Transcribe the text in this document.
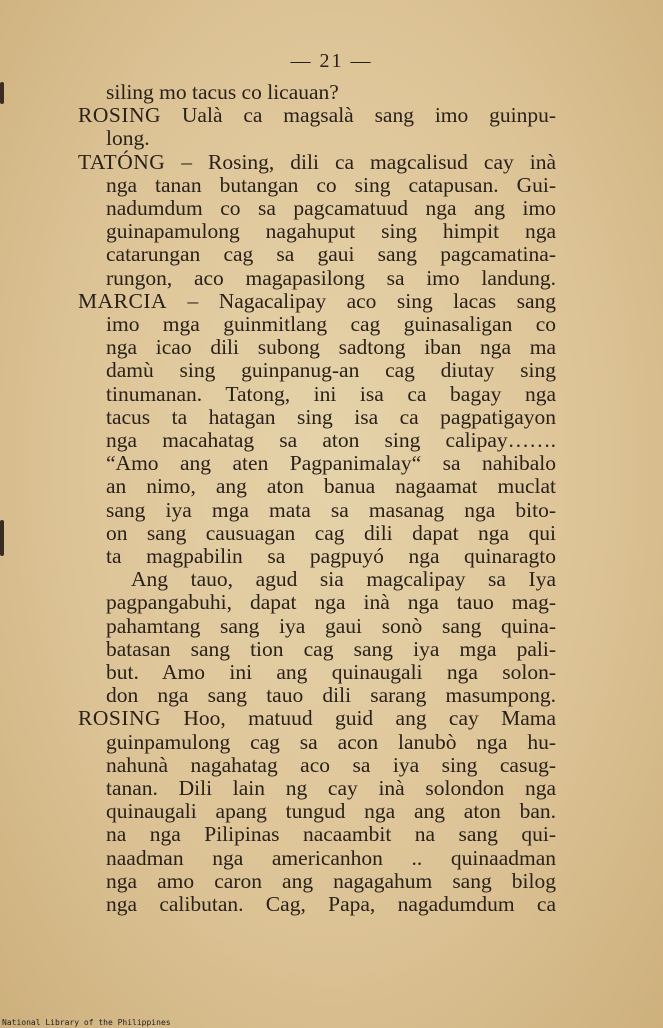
— 21 —
siling mo tacus co licauan?
ROSING Ualà ca magsalà sang imo guinpu-
long.
TATÓNG – Rosing, dili ca magcalisud cay inà
nga tanan butangan co sing catapusan. Gui-
nadumdum co sa pagcamatuud nga ang imo
guinapamulong nagahuput sing himpit nga
catarungan cag sa gaui sang pagcamatina-
rungon, aco magapasilong sa imo landung.
MARCIA – Nagacalipay aco sing lacas sang
imo mga guinmitlang cag guinasaligan co
nga icao dili subong sadtong iban nga ma
damù sing guinpanug-an cag diutay sing
tinumanan. Tatong, ini isa ca bagay nga
tacus ta hatagan sing isa ca pagpatigayon
nga macahatag sa aton sing calipay…….
“Amo ang aten Pagpanimalay“ sa nahibalo
an nimo, ang aton banua nagaamat muclat
sang iya mga mata sa masanag nga bito-
on sang causuagan cag dili dapat nga qui
ta magpabilin sa pagpuyó nga quinaragto
Ang tauo, agud sia magcalipay sa Iya
pagpangabuhi, dapat nga inà nga tauo mag-
pahamtang sang iya gaui sonò sang quina-
batasan sang tion cag sang iya mga pali-
but. Amo ini ang quinaugali nga solon-
don nga sang tauo dili sarang masumpong.
ROSING Hoo, matuud guid ang cay Mama
guinpamulong cag sa acon lanubò nga hu-
nahunà nagahatag aco sa iya sing casug-
tanan. Dili lain ng cay inà solondon nga
quinaugali apang tungud nga ang aton ban.
na nga Pilipinas nacaambit na sang qui-
naadman nga americanhon .. quinaadman
nga amo caron ang nagagahum sang bilog
nga calibutan. Cag, Papa, nagadumdum ca
National Library of the Philippines
